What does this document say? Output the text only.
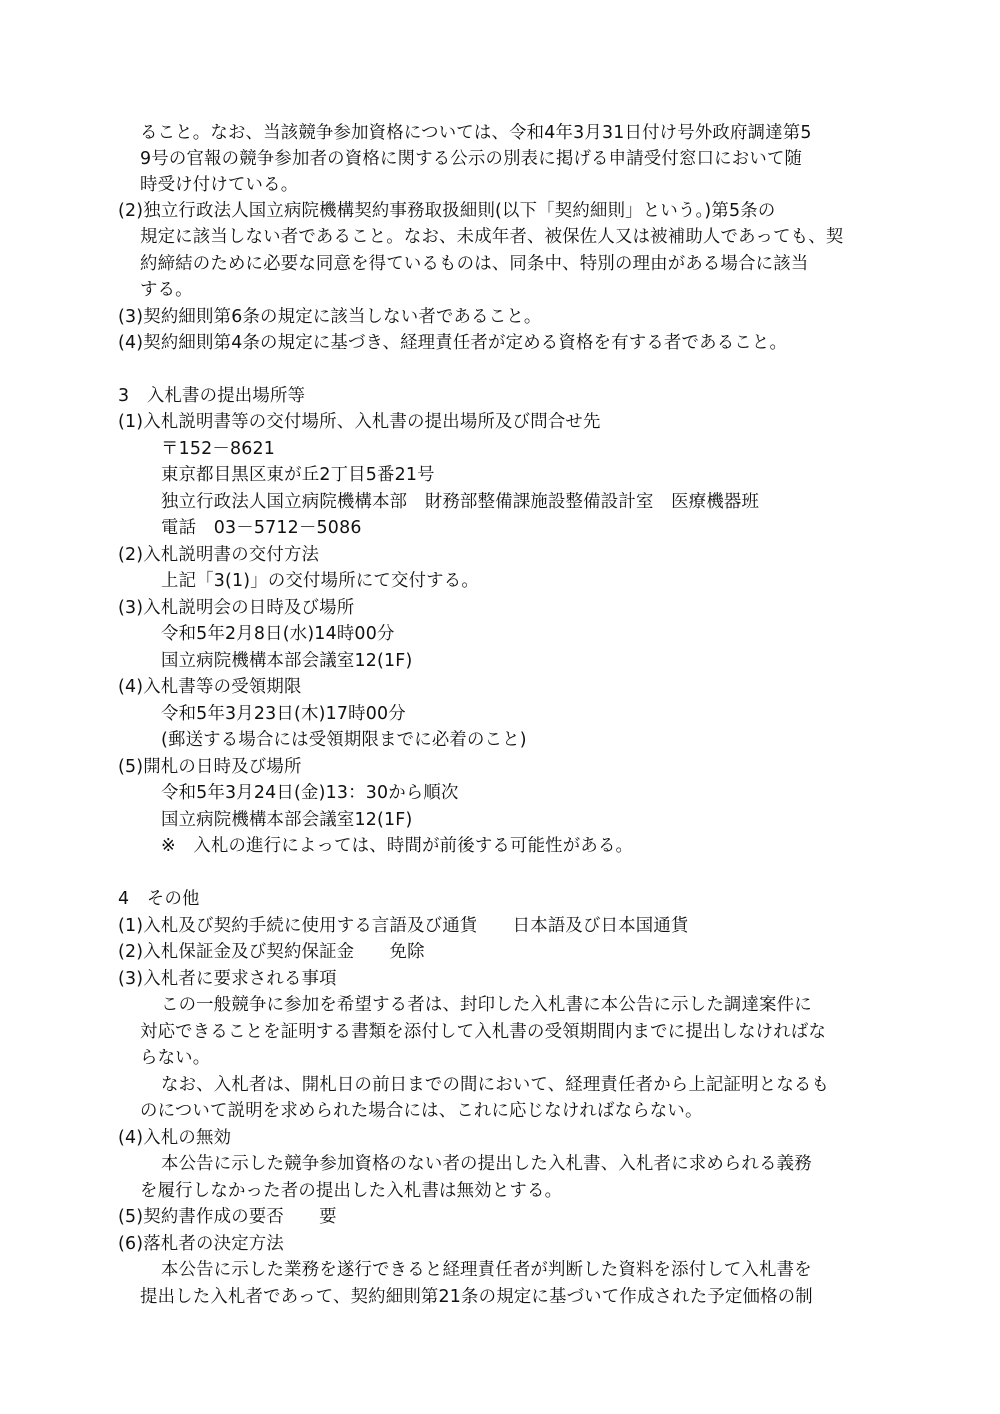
ること。なお、当該競争参加資格については、令和4年3月31日付け号外政府調達第5
9号の官報の競争参加者の資格に関する公示の別表に掲げる申請受付窓口において随
時受け付けている。
(2)独立行政法人国立病院機構契約事務取扱細則(以下「契約細則」という。)第5条の
規定に該当しない者であること。なお、未成年者、被保佐人又は被補助人であっても、契
約締結のために必要な同意を得ているものは、同条中、特別の理由がある場合に該当
する。
(3)契約細則第6条の規定に該当しない者であること。
(4)契約細則第4条の規定に基づき、経理責任者が定める資格を有する者であること。
3　入札書の提出場所等
(1)入札説明書等の交付場所、入札書の提出場所及び問合せ先
〒152－8621
東京都目黒区東が丘2丁目5番21号
独立行政法人国立病院機構本部　財務部整備課施設整備設計室　医療機器班
電話　03－5712－5086
(2)入札説明書の交付方法
上記「3(1)」の交付場所にて交付する。
(3)入札説明会の日時及び場所
令和5年2月8日(水)14時00分
国立病院機構本部会議室12(1F)
(4)入札書等の受領期限
令和5年3月23日(木)17時00分
(郵送する場合には受領期限までに必着のこと)
(5)開札の日時及び場所
令和5年3月24日(金)13：30から順次
国立病院機構本部会議室12(1F)
※　入札の進行によっては、時間が前後する可能性がある。
4　その他
(1)入札及び契約手続に使用する言語及び通貨　　日本語及び日本国通貨
(2)入札保証金及び契約保証金　　免除
(3)入札者に要求される事項
この一般競争に参加を希望する者は、封印した入札書に本公告に示した調達案件に
対応できることを証明する書類を添付して入札書の受領期間内までに提出しなければな
らない。
なお、入札者は、開札日の前日までの間において、経理責任者から上記証明となるも
のについて説明を求められた場合には、これに応じなければならない。
(4)入札の無効
本公告に示した競争参加資格のない者の提出した入札書、入札者に求められる義務
を履行しなかった者の提出した入札書は無効とする。
(5)契約書作成の要否　　要
(6)落札者の決定方法
本公告に示した業務を遂行できると経理責任者が判断した資料を添付して入札書を
提出した入札者であって、契約細則第21条の規定に基づいて作成された予定価格の制
